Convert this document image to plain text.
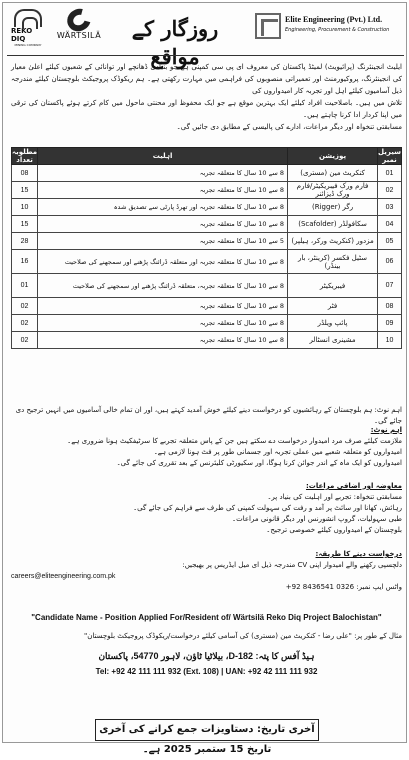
REKO DIQ
MINING COMPANY
WÄRTSILÄ	روزگار کے مواقع
Elite Engineering (Pvt.) Ltd.
Engineering, Procurement & Construction
ایلیٹ انجینئرنگ (پرائیویٹ) لمیٹڈ پاکستان کی معروف ای پی سی کمپنی ہے جو بنیادی ڈھانچے اور توانائی کے شعبوں کیلئے اعلیٰ معیار کی انجینئرنگ، پروکیورمنٹ اور تعمیراتی منصوبوں کی فراہمی میں مہارت رکھتی ہے۔ ہم ریکوڈک پروجیکٹ بلوچستان کیلئے مندرجہ ذیل آسامیوں کیلئے اہل اور تجربہ کار امیدواروں کی
تلاش میں ہیں۔ باصلاحیت افراد کیلئے ایک بہترین موقع ہے جو ایک محفوظ اور محنتی ماحول میں کام کرتے ہوئے پاکستان کی ترقی میں اپنا کردار ادا کرنا چاہتے ہیں۔
مسابقتی تنخواہ اور دیگر مراعات، ادارے کی پالیسی کے مطابق دی جائیں گی۔
سیریل نمبر	پوزیشن	اہلیت	مطلوبہ تعداد
01	کنکریٹ مین (مستری)	8 سے 10 سال کا متعلقہ تجربہ	08
02	فارم ورک فیبریکیٹر/فارم ورک ڈیزائنر	8 سے 10 سال کا متعلقہ تجربہ	15
03	رگر (Rigger)	8 سے 10 سال کا متعلقہ تجربہ اور تھرڈ پارٹی سے تصدیق شدہ	10
04	سکافولڈر (Scafolder)	8 سے 10 سال کا متعلقہ تجربہ	15
05	مزدور (کنکریٹ ورکر، ہیلپر)	5 سے 10 سال کا متعلقہ تجربہ	28
06	سٹیل فکسر (کرینٹر، بار بینڈر)	8 سے 10 سال کا متعلقہ تجربہ اور متعلقہ ڈرائنگ پڑھنے اور سمجھنے کی صلاحیت	16
07	فیبریکیٹر	8 سے 10 سال کا متعلقہ تجربہ، متعلقہ ڈرائنگ پڑھنے اور سمجھنے کی صلاحیت	01
08	فٹر	8 سے 10 سال کا متعلقہ تجربہ	02
09	پائپ ویلڈر	8 سے 10 سال کا متعلقہ تجربہ	02
10	مشینری انسٹالر	8 سے 10 سال کا متعلقہ تجربہ	02
اہم نوٹ: ہم بلوچستان کے رہائشیوں کو درخواست دینے کیلئے خوش آمدید کہتے ہیں، اور ان تمام خالی آسامیوں میں انہیں ترجیح دی جائے گی۔
اہم نوٹ:
ملازمت کیلئے صرف مرد امیدوار درخواست دے سکتے ہیں جن کے پاس متعلقہ تجربے کا سرٹیفکیٹ ہونا ضروری ہے۔
امیدواروں کو متعلقہ شعبے میں عملی تجربہ اور جسمانی طور پر فٹ ہونا لازمی ہے۔
امیدواروں کو ایک ماہ کے اندر جوائن کرنا ہوگا، اور سکیورٹی کلیئرنس کے بعد تقرری کی جائے گی۔
معاوضہ اور اضافی مراعات:
مسابقتی تنخواہ: تجربے اور اہلیت کی بنیاد پر۔
رہائش، کھانا اور سائٹ پر آمد و رفت کی سہولت کمپنی کی طرف سے فراہم کی جائے گی۔
طبی سہولیات، گروپ انشورنس اور دیگر قانونی مراعات۔
بلوچستان کے امیدواروں کیلئے خصوصی ترجیح۔
درخواست دینے کا طریقہ:
دلچسپی رکھنے والے امیدوار اپنی CV مندرجہ ذیل ای میل ایڈریس پر بھیجیں:
careers@eliteengineering.com.pk
واٹس ایپ نمبر: 0326 8436541 92+
"Candidate Name - Position Applied For/Resident of/ Wärtsilä Reko Diq Project Balochistan"
مثال کے طور پر: "علی رضا - کنکریٹ مین (مستری) کی آسامی کیلئے درخواست/ریکوڈک پروجیکٹ بلوچستان"
ہیڈ آفس کا پتہ: 182-D، بیلاٹیا ٹاؤن، لاہور 54770، پاکستان
Tel: +92 42 111 111 932 (Ext. 108) | UAN: +92 42 111 111 932
آخری تاریخ: دستاویزات جمع کرانے کی آخری تاریخ 15 ستمبر 2025 ہے۔
